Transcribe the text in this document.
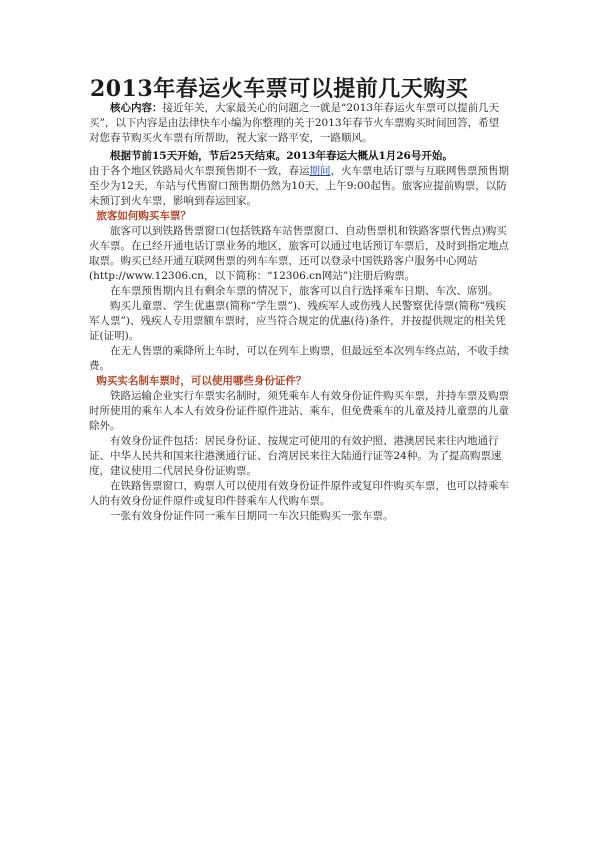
2013年春运火车票可以提前几天购买

核心内容：接近年关，大家最关心的问题之一就是“2013年春运火车票可以提前几天买”，以下内容是由法律快车小编为你整理的关于2013年春节火车票购买时间回答，希望对您春节购买火车票有所帮助，祝大家一路平安，一路顺风。

根据节前15天开始，节后25天结束。2013年春运大概从1月26号开始。

由于各个地区铁路局火车票预售期不一致，春运期间，火车票电话订票与互联网售票预售期至少为12天，车站与代售窗口预售期仍然为10天，上午9:00起售。旅客应提前购票，以防未预订到火车票，影响到春运回家。

旅客如何购买车票？

旅客可以到铁路售票窗口(包括铁路车站售票窗口、自动售票机和铁路客票代售点)购买火车票。在已经开通电话订票业务的地区，旅客可以通过电话预订车票后，及时到指定地点取票。购买已经开通互联网售票的列车车票，还可以登录中国铁路客户服务中心网站(http://www.12306.cn，以下简称：“12306.cn网站”)注册后购票。

在车票预售期内且有剩余车票的情况下，旅客可以自行选择乘车日期、车次、席别。

购买儿童票、学生优惠票(简称“学生票”)、残疾军人或伤残人民警察优待票(简称“残疾军人票”)、残疾人专用票额车票时，应当符合规定的优惠(待)条件，并按提供规定的相关凭证(证明)。

在无人售票的乘降所上车时，可以在列车上购票，但最远至本次列车终点站，不收手续费。

购买实名制车票时，可以使用哪些身份证件？

铁路运输企业实行车票实名制时，须凭乘车人有效身份证件购买车票，并持车票及购票时所使用的乘车人本人有效身份证件原件进站、乘车，但免费乘车的儿童及持儿童票的儿童除外。

有效身份证件包括：居民身份证、按规定可使用的有效护照、港澳居民来往内地通行证、中华人民共和国来往港澳通行证、台湾居民来往大陆通行证等24种。为了提高购票速度，建议使用二代居民身份证购票。

在铁路售票窗口，购票人可以使用有效身份证件原件或复印件购买车票，也可以持乘车人的有效身份证件原件或复印件替乘车人代购车票。

一张有效身份证件同一乘车日期同一车次只能购买一张车票。
